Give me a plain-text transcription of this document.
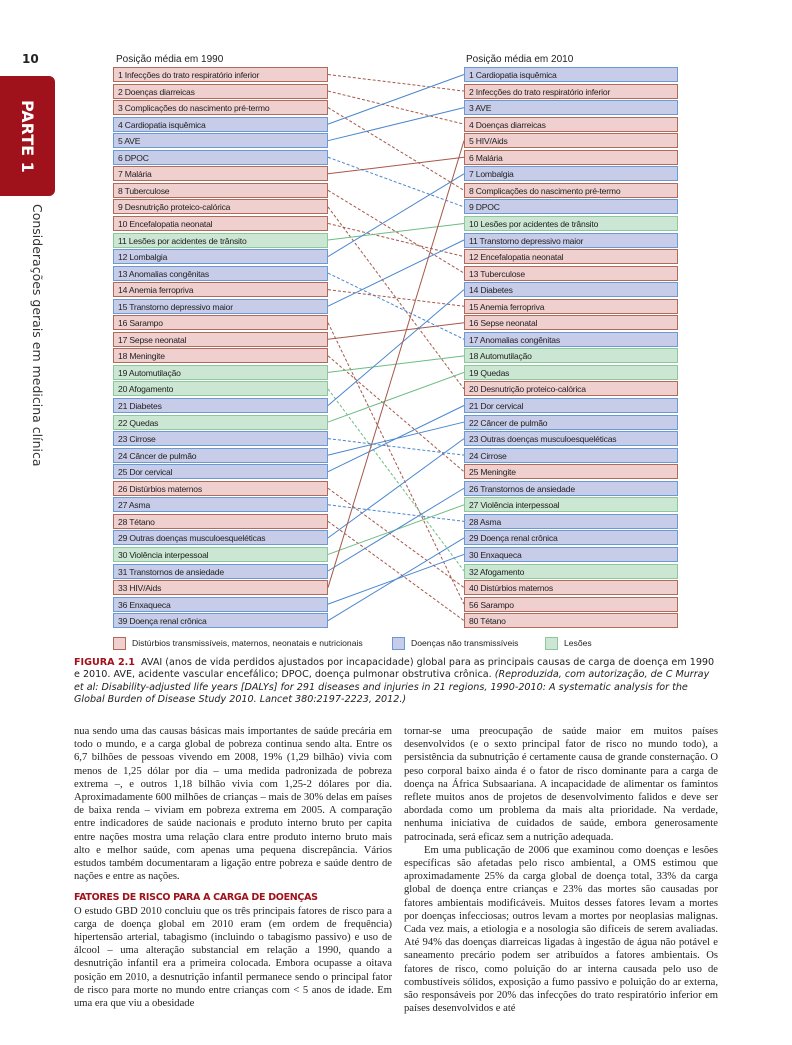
10
PARTE 1
Considerações gerais em medicina clínica
Posição média em 1990	Posição média em 2010
1 Infecções do trato respiratório inferior
2 Doenças diarreicas
3 Complicações do nascimento pré-termo
4 Cardiopatia isquêmica
5 AVE
6 DPOC
7 Malária
8 Tuberculose
9 Desnutrição proteico-calórica
10 Encefalopatia neonatal
11 Lesões por acidentes de trânsito
12 Lombalgia
13 Anomalias congênitas
14 Anemia ferropriva
15 Transtorno depressivo maior
16 Sarampo
17 Sepse neonatal
18 Meningite
19 Automutilação
20 Afogamento
21 Diabetes
22 Quedas
23 Cirrose
24 Câncer de pulmão
25 Dor cervical
26 Distúrbios maternos
27 Asma
28 Tétano
29 Outras doenças musculoesqueléticas
30 Violência interpessoal
31 Transtornos de ansiedade
33 HIV/Aids
36 Enxaqueca
39 Doença renal crônica
1 Cardiopatia isquêmica
2 Infecções do trato respiratório inferior
3 AVE
4 Doenças diarreicas
5 HIV/Aids
6 Malária
7 Lombalgia
8 Complicações do nascimento pré-termo
9 DPOC
10 Lesões por acidentes de trânsito
11 Transtorno depressivo maior
12 Encefalopatia neonatal
13 Tuberculose
14 Diabetes
15 Anemia ferropriva
16 Sepse neonatal
17 Anomalias congênitas
18 Automutilação
19 Quedas
20 Desnutrição proteico-calórica
21 Dor cervical
22 Câncer de pulmão
23 Outras doenças musculoesqueléticas
24 Cirrose
25 Meningite
26 Transtornos de ansiedade
27 Violência interpessoal
28 Asma
29 Doença renal crônica
30 Enxaqueca
32 Afogamento
40 Distúrbios maternos
56 Sarampo
80 Tétano
Distúrbios transmissíveis, maternos, neonatais e nutricionais	Doenças não transmissíveis	Lesões
FIGURA 2.1 AVAI (anos de vida perdidos ajustados por incapacidade) global para as principais causas de carga de doença em 1990 e 2010. AVE, acidente vascular encefálico; DPOC, doença pulmonar obstrutiva crônica. (Reproduzida, com autorização, de C Murray et al: Disability-adjusted life years [DALYs] for 291 diseases and injuries in 21 regions, 1990-2010: A systematic analysis for the Global Burden of Disease Study 2010. Lancet 380:2197-2223, 2012.)
nua sendo uma das causas básicas mais importantes de saúde precária em todo o mundo, e a carga global de pobreza continua sendo alta. Entre os 6,7 bilhões de pessoas vivendo em 2008, 19% (1,29 bilhão) vivia com menos de 1,25 dólar por dia – uma medida padronizada de pobreza extrema –, e outros 1,18 bilhão vivia com 1,25-2 dólares por dia. Aproximadamente 600 milhões de crianças – mais de 30% delas em países de baixa renda – viviam em pobreza extrema em 2005. A comparação entre indicadores de saúde nacionais e produto interno bruto per capita entre nações mostra uma relação clara entre produto interno bruto mais alto e melhor saúde, com apenas uma pequena discrepância. Vários estudos também documentaram a ligação entre pobreza e saúde dentro de nações e entre as nações.
FATORES DE RISCO PARA A CARGA DE DOENÇAS
O estudo GBD 2010 concluiu que os três principais fatores de risco para a carga de doença global em 2010 eram (em ordem de frequência) hipertensão arterial, tabagismo (incluindo o tabagismo passivo) e uso de álcool – uma alteração substancial em relação a 1990, quando a desnutrição infantil era a primeira colocada. Embora ocupasse a oitava posição em 2010, a desnutrição infantil permanece sendo o principal fator de risco para morte no mundo entre crianças com < 5 anos de idade. Em uma era que viu a obesidade
tornar-se uma preocupação de saúde maior em muitos países desenvolvidos (e o sexto principal fator de risco no mundo todo), a persistência da subnutrição é certamente causa de grande consternação. O peso corporal baixo ainda é o fator de risco dominante para a carga de doença na África Subsaariana. A incapacidade de alimentar os famintos reflete muitos anos de projetos de desenvolvimento falidos e deve ser abordada como um problema da mais alta prioridade. Na verdade, nenhuma iniciativa de cuidados de saúde, embora generosamente patrocinada, será eficaz sem a nutrição adequada.
Em uma publicação de 2006 que examinou como doenças e lesões específicas são afetadas pelo risco ambiental, a OMS estimou que aproximadamente 25% da carga global de doença total, 33% da carga global de doença entre crianças e 23% das mortes são causadas por fatores ambientais modificáveis. Muitos desses fatores levam a mortes por doenças infecciosas; outros levam a mortes por neoplasias malignas. Cada vez mais, a etiologia e a nosologia são difíceis de serem avaliadas. Até 94% das doenças diarreicas ligadas à ingestão de água não potável e saneamento precário podem ser atribuídos a fatores ambientais. Os fatores de risco, como poluição do ar interna causada pelo uso de combustíveis sólidos, exposição a fumo passivo e poluição do ar externa, são responsáveis por 20% das infecções do trato respiratório inferior em países desenvolvidos e até
